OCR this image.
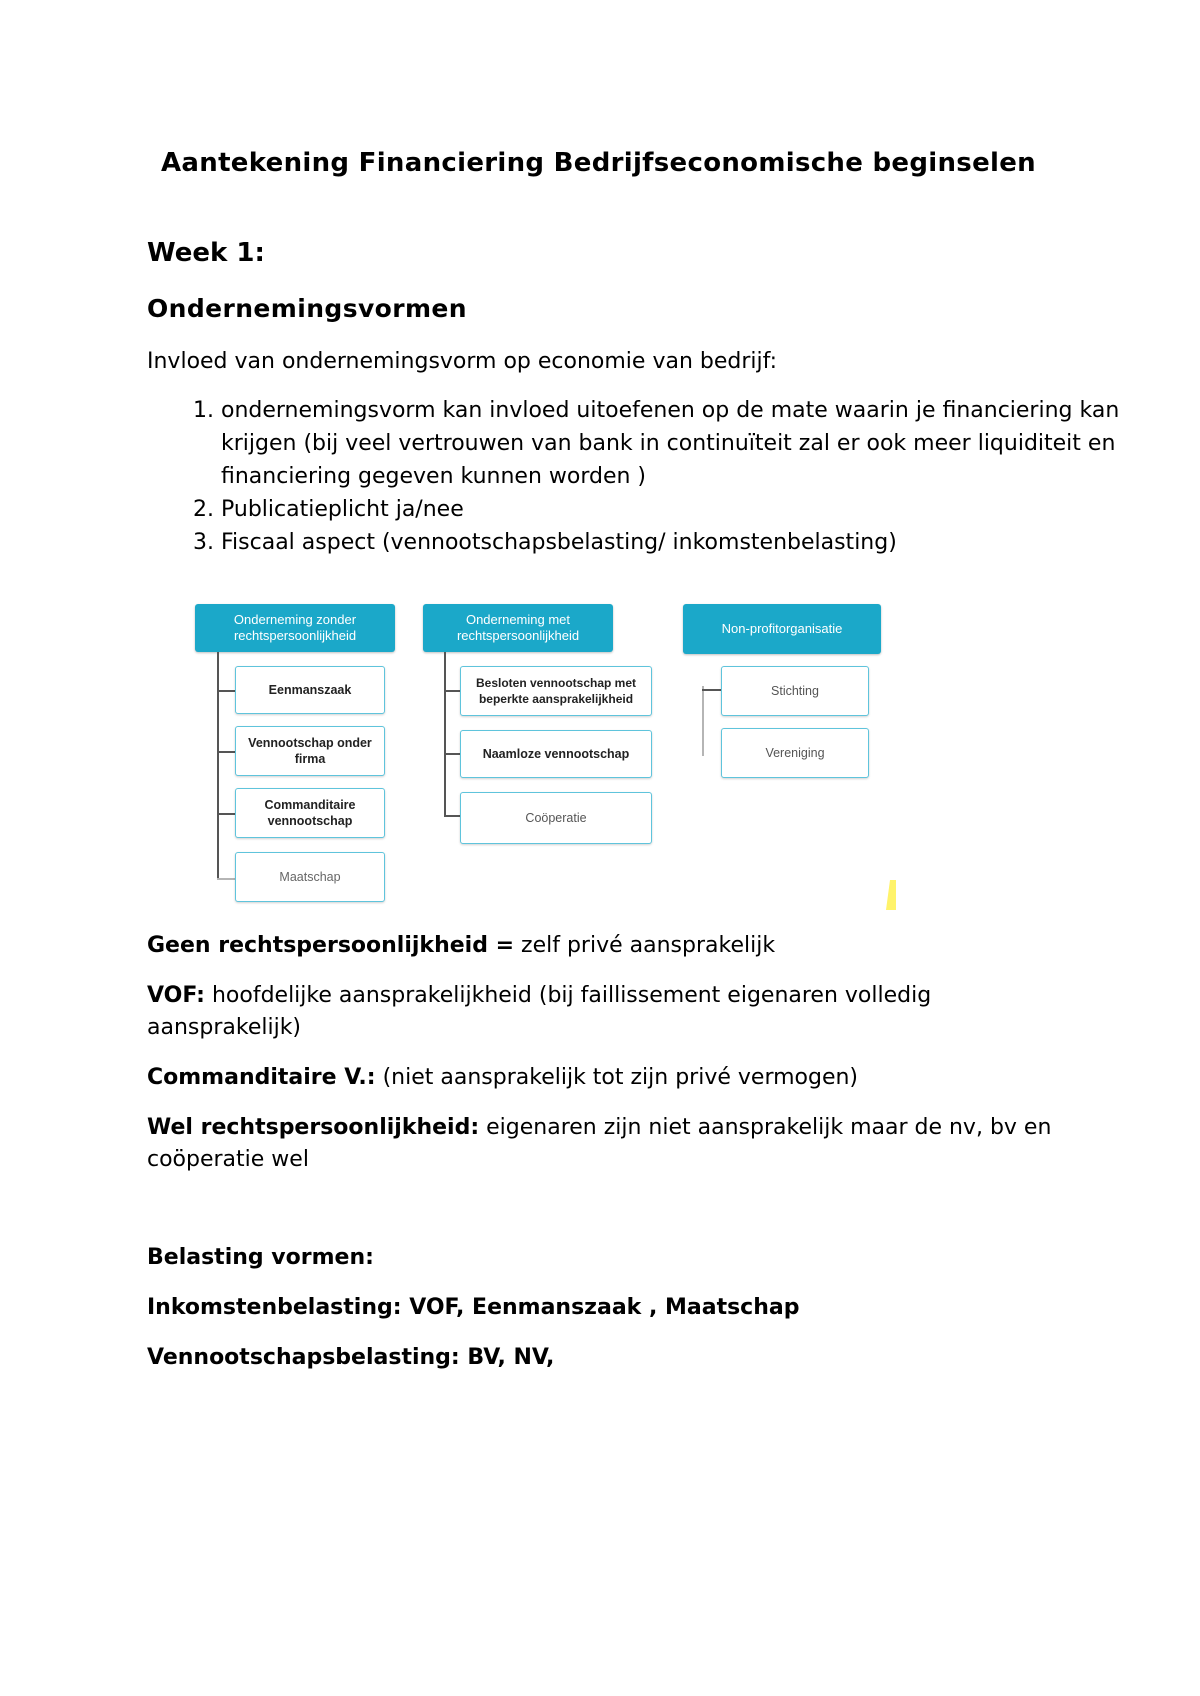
Aantekening Financiering Bedrijfseconomische beginselen
Week 1:
Ondernemingsvormen
Invloed van ondernemingsvorm op economie van bedrijf:
1. ondernemingsvorm kan invloed uitoefenen op de mate waarin je financiering kan krijgen (bij veel vertrouwen van bank in continuïteit zal er ook meer liquiditeit en financiering gegeven kunnen worden )
2. Publicatieplicht ja/nee
3. Fiscaal aspect (vennootschapsbelasting/ inkomstenbelasting)
Onderneming zonder rechtspersoonlijkheid
Eenmanszaak
Vennootschap onder firma
Commanditaire vennootschap
Maatschap
Onderneming met rechtspersoonlijkheid
Besloten vennootschap met beperkte aansprakelijkheid
Naamloze vennootschap
Coöperatie
Non-profitorganisatie
Stichting
Vereniging
Geen rechtspersoonlijkheid = zelf privé aansprakelijk
VOF: hoofdelijke aansprakelijkheid (bij faillissement eigenaren volledig aansprakelijk)
Commanditaire V.: (niet aansprakelijk tot zijn privé vermogen)
Wel rechtspersoonlijkheid: eigenaren zijn niet aansprakelijk maar de nv, bv en coöperatie wel
Belasting vormen:
Inkomstenbelasting: VOF, Eenmanszaak , Maatschap
Vennootschapsbelasting: BV, NV,
